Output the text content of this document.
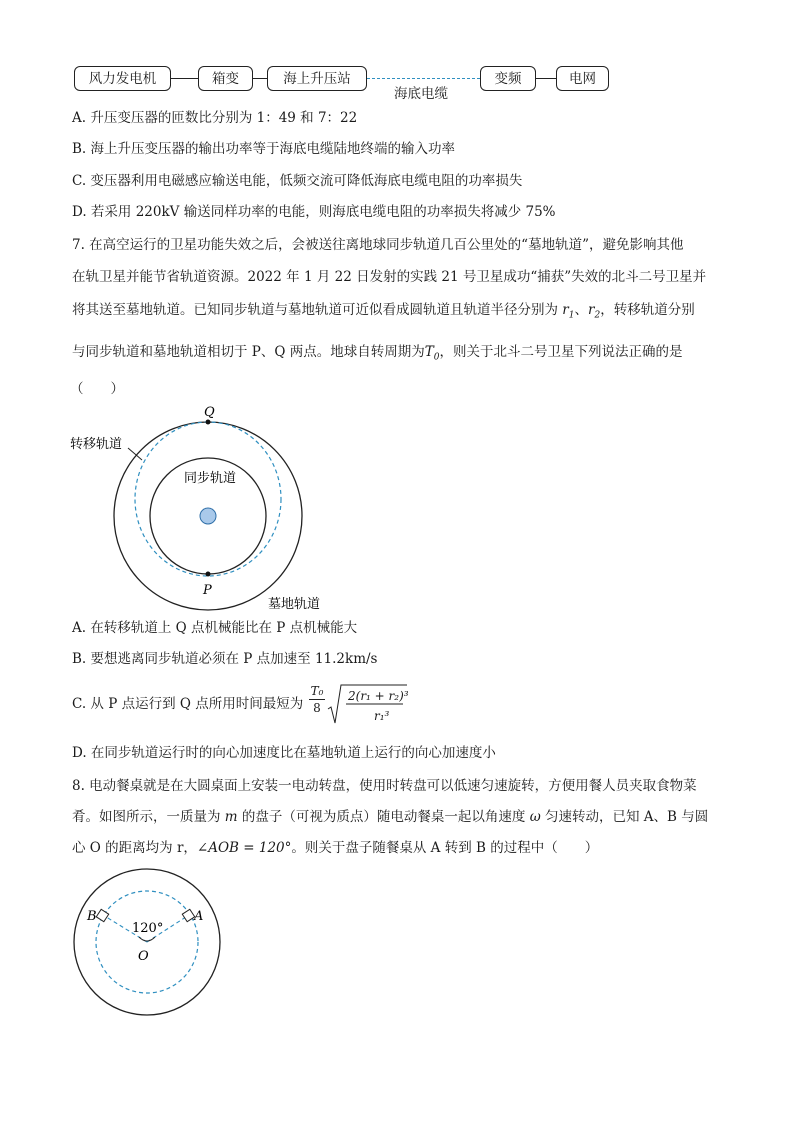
风力发电机	箱变	海上升压站
海底电缆
变频	电网
A. 升压变压器的匝数比分别为 1：49 和 7：22
B. 海上升压变压器的输出功率等于海底电缆陆地终端的输入功率
C. 变压器利用电磁感应输送电能，低频交流可降低海底电缆电阻的功率损失
D. 若采用 220kV 输送同样功率的电能，则海底电缆电阻的功率损失将减少 75%
7. 在高空运行的卫星功能失效之后，会被送往离地球同步轨道几百公里处的“墓地轨道”，避免影响其他
在轨卫星并能节省轨道资源。2022 年 1 月 22 日发射的实践 21 号卫星成功“捕获”失效的北斗二号卫星并
将其送至墓地轨道。已知同步轨道与墓地轨道可近似看成圆轨道且轨道半径分别为 $r_1$、$r_2$，转移轨道分别
与同步轨道和墓地轨道相切于 P、Q 两点。地球自转周期为$T_0$，则关于北斗二号卫星下列说法正确的是
（　　）
Q
P
转移轨道
同步轨道
墓地轨道
A. 在转移轨道上 Q 点机械能比在 P 点机械能大
B. 要想逃离同步轨道必须在 P 点加速至 11.2km/s
C. 从 P 点运行到 Q 点所用时间最短为 $\frac{\text{T₀}}{8} 2(r_1 + r_2)^3$
r₁³
D. 在同步轨道运行时的向心加速度比在墓地轨道上运行的向心加速度小
8. 电动餐桌就是在大圆桌面上安装一电动转盘，使用时转盘可以低速匀速旋转，方便用餐人员夹取食物菜
肴。如图所示，一质量为 m 的盘子（可视为质点）随电动餐桌一起以角速度 ω 匀速转动，已知 A、B 与圆
心 O 的距离均为 r，∠AOB = 120°。则关于盘子随餐桌从 A 转到 B 的过程中（　　）
A
B
O
120°
